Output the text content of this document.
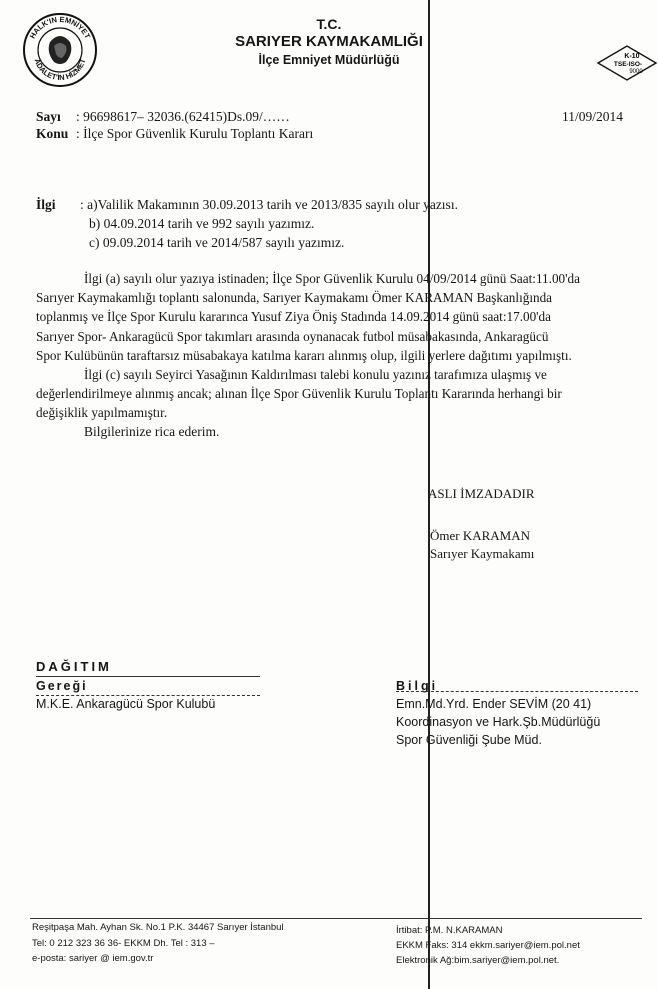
HALK'IN EMNİYET
ADALET'İN HİZMET
K-10
TSE-ISO-
9000
T.C.
SARIYER KAYMAKAMLIĞI
İlçe Emniyet Müdürlüğü
Sayı : 96698617– 32036.(62415)Ds.09/……	11/09/2014
Konu : İlçe Spor Güvenlik Kurulu Toplantı Kararı
İlgi : a)Valilik Makamının 30.09.2013 tarih ve 2013/835 sayılı olur yazısı.
b) 04.09.2014 tarih ve 992 sayılı yazımız.
c) 09.09.2014 tarih ve 2014/587 sayılı yazımız.
İlgi (a) sayılı olur yazıya istinaden; İlçe Spor Güvenlik Kurulu 04/09/2014 günü Saat:11.00'da
Sarıyer Kaymakamlığı toplantı salonunda, Sarıyer Kaymakamı Ömer KARAMAN Başkanlığında
toplanmış ve İlçe Spor Kurulu kararınca Yusuf Ziya Öniş Stadında 14.09.2014 günü saat:17.00'da
Sarıyer Spor- Ankaragücü Spor takımları arasında oynanacak futbol müsabakasında, Ankaragücü
Spor Kulübünün taraftarsız müsabakaya katılma kararı alınmış olup, ilgili yerlere dağıtımı yapılmıştı.
İlgi (c) sayılı Seyirci Yasağının Kaldırılması talebi konulu yazınız tarafımıza ulaşmış ve
değerlendirilmeye alınmış ancak; alınan İlçe Spor Güvenlik Kurulu Toplantı Kararında herhangi bir
değişiklik yapılmamıştır.
Bilgilerinize rica ederim.
ASLI İMZADADIR
Ömer KARAMAN
Sarıyer Kaymakamı
DAĞITIM
Gereği
M.K.E. Ankaragücü Spor Kulubü
Bilgi
Emn.Md.Yrd. Ender SEVİM (20 41)
Koordinasyon ve Hark.Şb.Müdürlüğü
Spor Güvenliği Şube Müd.
Reşitpaşa Mah. Ayhan Sk. No.1 P.K. 34467 Sarıyer İstanbul
Tel: 0 212 323 36 36- EKKM Dh. Tel : 313 –
e-posta: sariyer @ iem.gov.tr
İrtibat: P.M. N.KARAMAN
EKKM Faks: 314 ekkm.sariyer@iem.pol.net
Elektronik Ağ:bim.sariyer@iem.pol.net.
